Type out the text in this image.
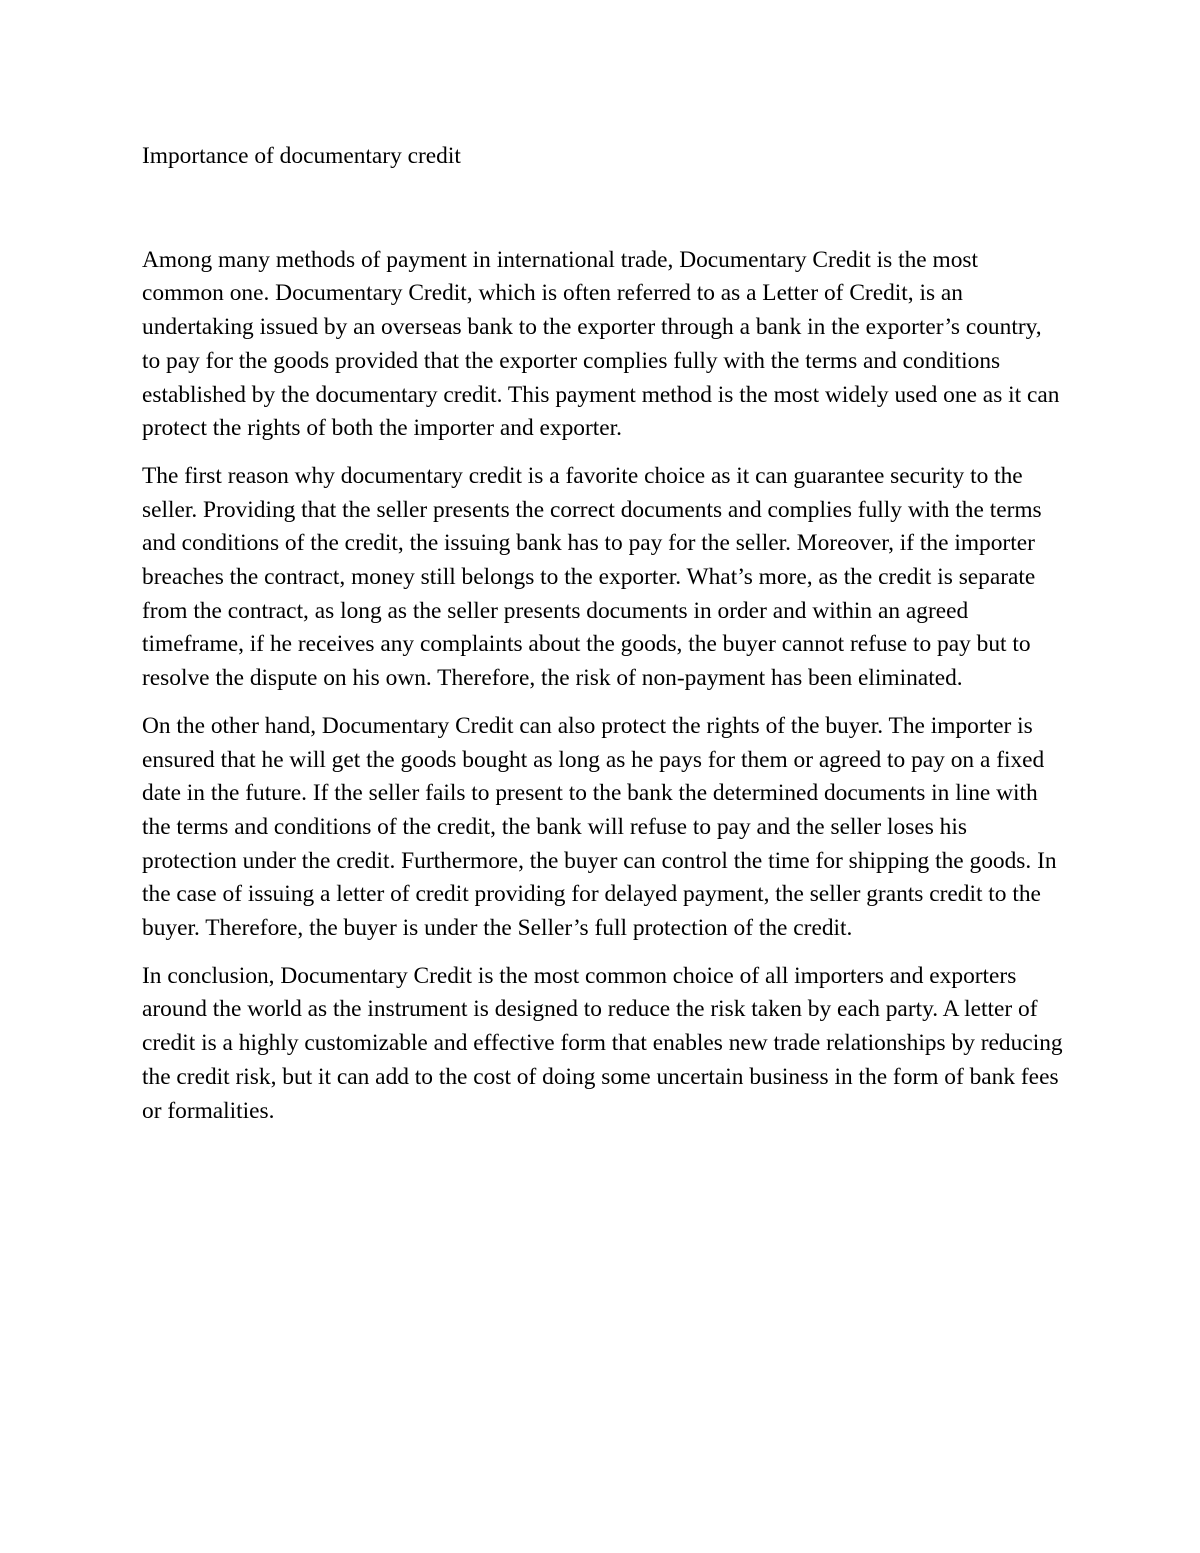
Importance of documentary credit

Among many methods of payment in international trade, Documentary Credit is the most common one. Documentary Credit, which is often referred to as a Letter of Credit, is an undertaking issued by an overseas bank to the exporter through a bank in the exporter’s country, to pay for the goods provided that the exporter complies fully with the terms and conditions established by the documentary credit. This payment method is the most widely used one as it can protect the rights of both the importer and exporter.

The first reason why documentary credit is a favorite choice as it can guarantee security to the seller. Providing that the seller presents the correct documents and complies fully with the terms and conditions of the credit, the issuing bank has to pay for the seller. Moreover, if the importer breaches the contract, money still belongs to the exporter. What’s more, as the credit is separate from the contract, as long as the seller presents documents in order and within an agreed timeframe, if he receives any complaints about the goods, the buyer cannot refuse to pay but to resolve the dispute on his own. Therefore, the risk of non-payment has been eliminated.

On the other hand, Documentary Credit can also protect the rights of the buyer. The importer is ensured that he will get the goods bought as long as he pays for them or agreed to pay on a fixed date in the future. If the seller fails to present to the bank the determined documents in line with the terms and conditions of the credit, the bank will refuse to pay and the seller loses his protection under the credit. Furthermore, the buyer can control the time for shipping the goods. In the case of issuing a letter of credit providing for delayed payment, the seller grants credit to the buyer. Therefore, the buyer is under the Seller’s full protection of the credit.

In conclusion, Documentary Credit is the most common choice of all importers and exporters around the world as the instrument is designed to reduce the risk taken by each party. A letter of credit is a highly customizable and effective form that enables new trade relationships by reducing the credit risk, but it can add to the cost of doing some uncertain business in the form of bank fees or formalities.
